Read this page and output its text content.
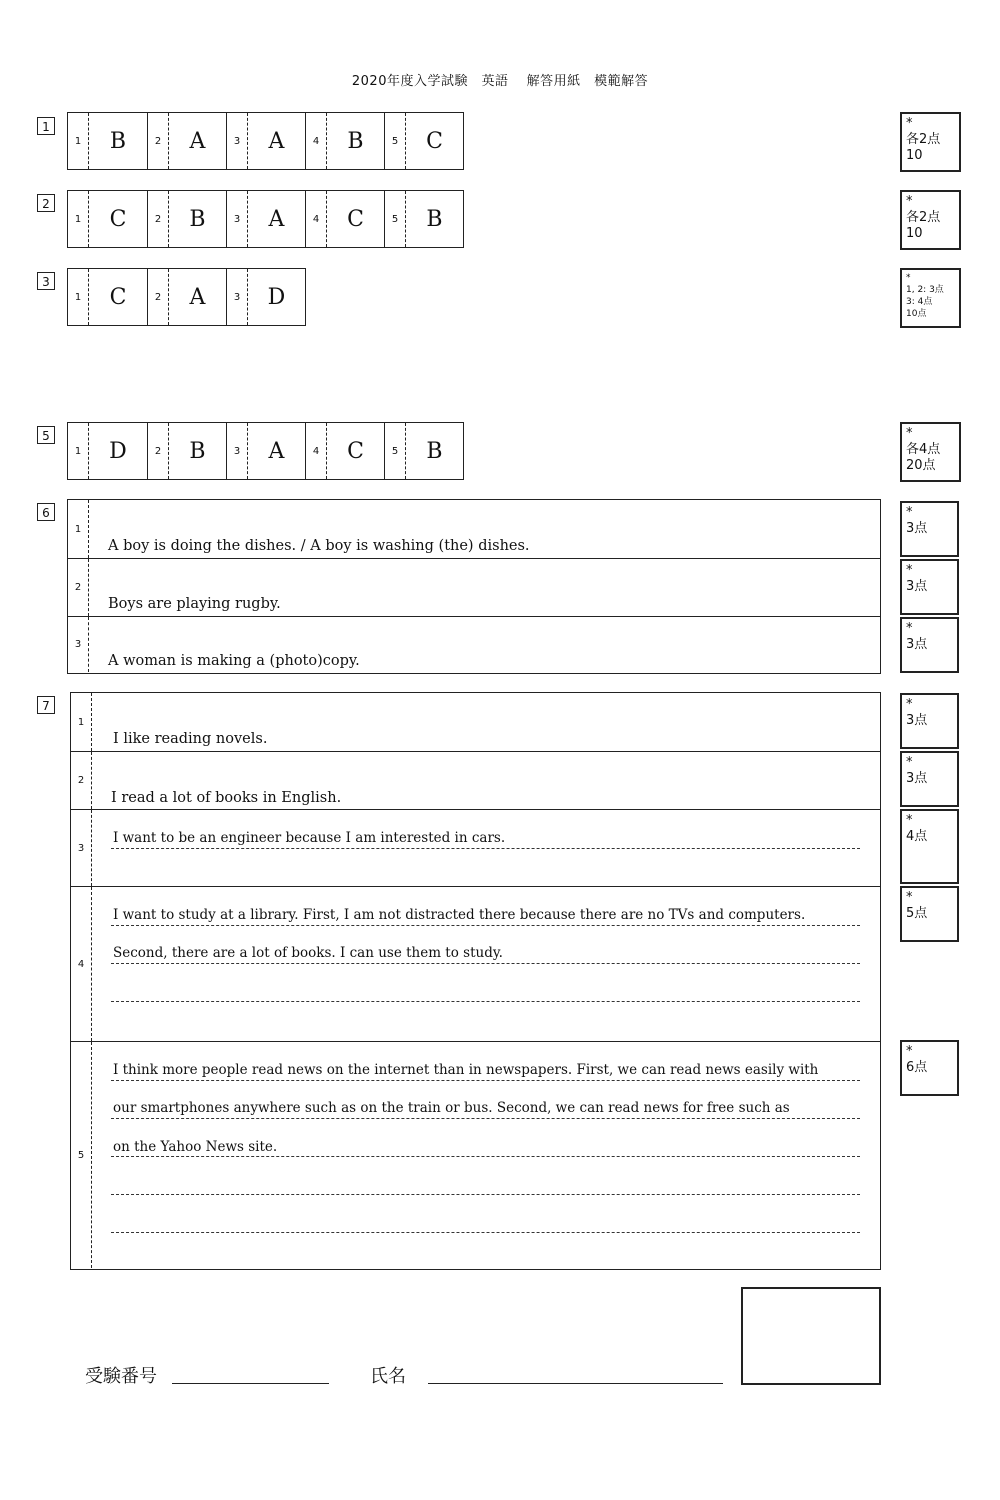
2020年度入学試験　英語　 解答用紙　模範解答
1
1	B	2	A	3	A	4	B	5	C
*
各2点
10
2
1	C	2	B	3	A	4	C	5	B
*
各2点
10
3
1	C	2	A	3	D
*
1, 2: 3点
3: 4点
10点
5
1	D	2	B	3	A	4	C	5	B
*
各4点
20点
6
1
A boy is doing the dishes. / A boy is washing (the) dishes.
2
Boys are playing rugby.
3
A woman is making a (photo)copy.
*
3点
*
3点
*
3点
7
1
I like reading novels.
2
I read a lot of books in English.
3
I want to be an engineer because I am interested in cars.
4
I want to study at a library. First, I am not distracted there because there are no TVs and computers.
Second, there are a lot of books. I can use them to study.
5
I think more people read news on the internet than in newspapers. First, we can read news easily with
our smartphones anywhere such as on the train or bus. Second, we can read news for free such as
on the Yahoo News site.
*
3点
*
3点
*
4点
*
5点
*
6点
受験番号	氏名
